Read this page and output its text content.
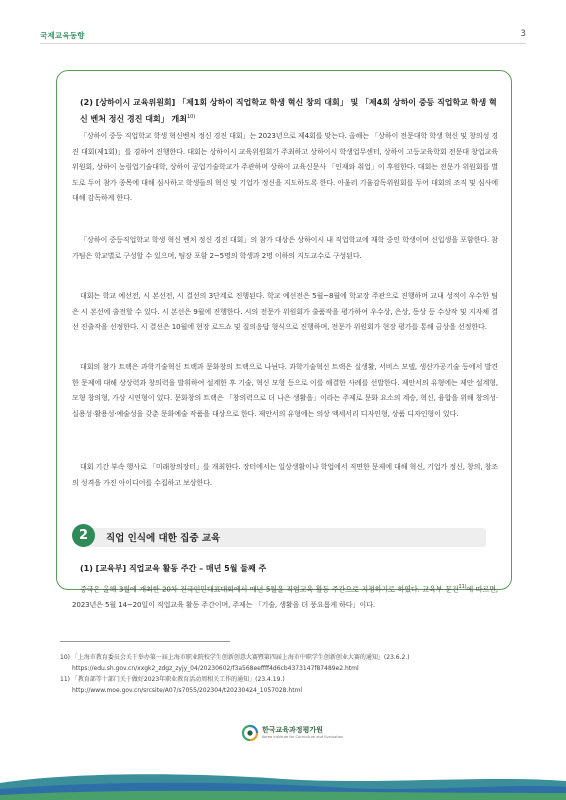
국제교육동향	3

(2) [상하이시 교육위원회] 「제1회 상하이 직업학교 학생 혁신 창의 대회」 및 「제4회 상하이 중등 직업학교 학생 혁신 벤처 정신 경진 대회」 개최$^{10)}$

「상하이 중등 직업학교 학생 혁신벤처 정신 경진 대회」는 2023년으로 제4회를 맞는다. 올해는 「상하이 전문대학 학생 혁신 및 창의성 경진 대회(제1회)」를 겸하여 진행한다. 대회는 상하이시 교육위원회가 주최하고 상하이시 학생업무센터, 상하이 고등교육학회 전문대 창업교육위원회, 상하이 농림업기술대학, 상하이 공업기술학교가 주관하며 상하이 교육신문사 「인재와 취업」이 후원한다. 대회는 전문가 위원회를 별도로 두어 참가 종목에 대해 심사하고 학생들의 혁신 및 기업가 정신을 지도하도록 한다. 아울러 기율감독위원회를 두어 대회의 조직 및 심사에 대해 감독하게 한다.

「상하이 중등직업학교 학생 혁신 벤처 정신 경진 대회」의 참가 대상은 상하이시 내 직업학교에 재학 중인 학생이며 신입생을 포함한다. 참가팀은 학교별로 구성할 수 있으며, 팀장 포함 2~5명의 학생과 2명 이하의 지도교수로 구성된다.

대회는 학교 예선전, 시 본선전, 시 결선의 3단계로 진행된다. 학교 예선전은 5월~8월에 학교장 주관으로 진행하며 교내 성적이 우수한 팀은 시 본선에 출전할 수 있다. 시 본선은 9월에 진행한다. 시의 전문가 위원회가 출품작을 평가하여 우수상, 은상, 동상 등 수상작 및 지자체 결선 진출작을 선정한다. 시 결선은 10월에 현장 로드쇼 및 질의응답 형식으로 진행하며, 전문가 위원회가 현장 평가를 통해 금상을 선정한다.

대회의 참가 트랙은 과학기술혁신 트랙과 문화창의 트랙으로 나뉜다. 과학기술혁신 트랙은 실생활, 서비스 모델, 생산가공기술 등에서 발견한 문제에 대해 상상력과 창의력을 발휘하여 설계한 후 기술, 혁신 모형 등으로 이를 해결한 사례를 선발한다. 제안서의 유형에는 제안 설계형, 모형 창의형, 가상 시연형이 있다. 문화창의 트랙은 「창의력으로 더 나은 생활을」이라는 주제로 문화 요소의 계승, 혁신, 융합을 위해 창의성·실용성·활용성·예술성을 갖춘 문화예술 작품을 대상으로 한다. 제안서의 유형에는 의상 액세서리 디자인형, 상품 디자인형이 있다.

대회 기간 부속 행사로 「미래창의장터」를 개최한다. 장터에서는 일상생활이나 학업에서 직면한 문제에 대해 혁신, 기업가 정신, 창의, 창조의 성격을 가진 아이디어를 수집하고 보상한다.

2	직업 인식에 대한 집중 교육

(1) [교육부] 직업교육 활동 주간 – 매년 5월 둘째 주

중국은 올해 3월에 개최한 20차 전국인민대표대회에서 매년 5월을 직업교육 활동 주간으로 지정하기로 하였다. 교육부 문건$^{11)}$에 따르면, 2023년은 5월 14~20일이 직업교육 활동 주간이며, 주제는 「기술, 생활을 더 풍요롭게 하다」이다.

10) 「上海市教育委员会关于举办第一届上海市职业院校学生创新创意大赛暨第四届上海市中职学生创新创业大赛的通知」(23.6.2.)

https://edu.sh.gov.cn/xxgk2_zdgz_zyjy_04/20230602/f3a568eeffff4d6cb4373147f87489e2.html

11) 「教育部等十部门关于做好2023年职业教育活动周相关工作的通知」(23.4.19.)

http://www.moe.gov.cn/srcsite/A07/s7055/202304/t20230424_1057028.html

한국교육과정평가원
Korea Institute for Curriculum and Evaluation
